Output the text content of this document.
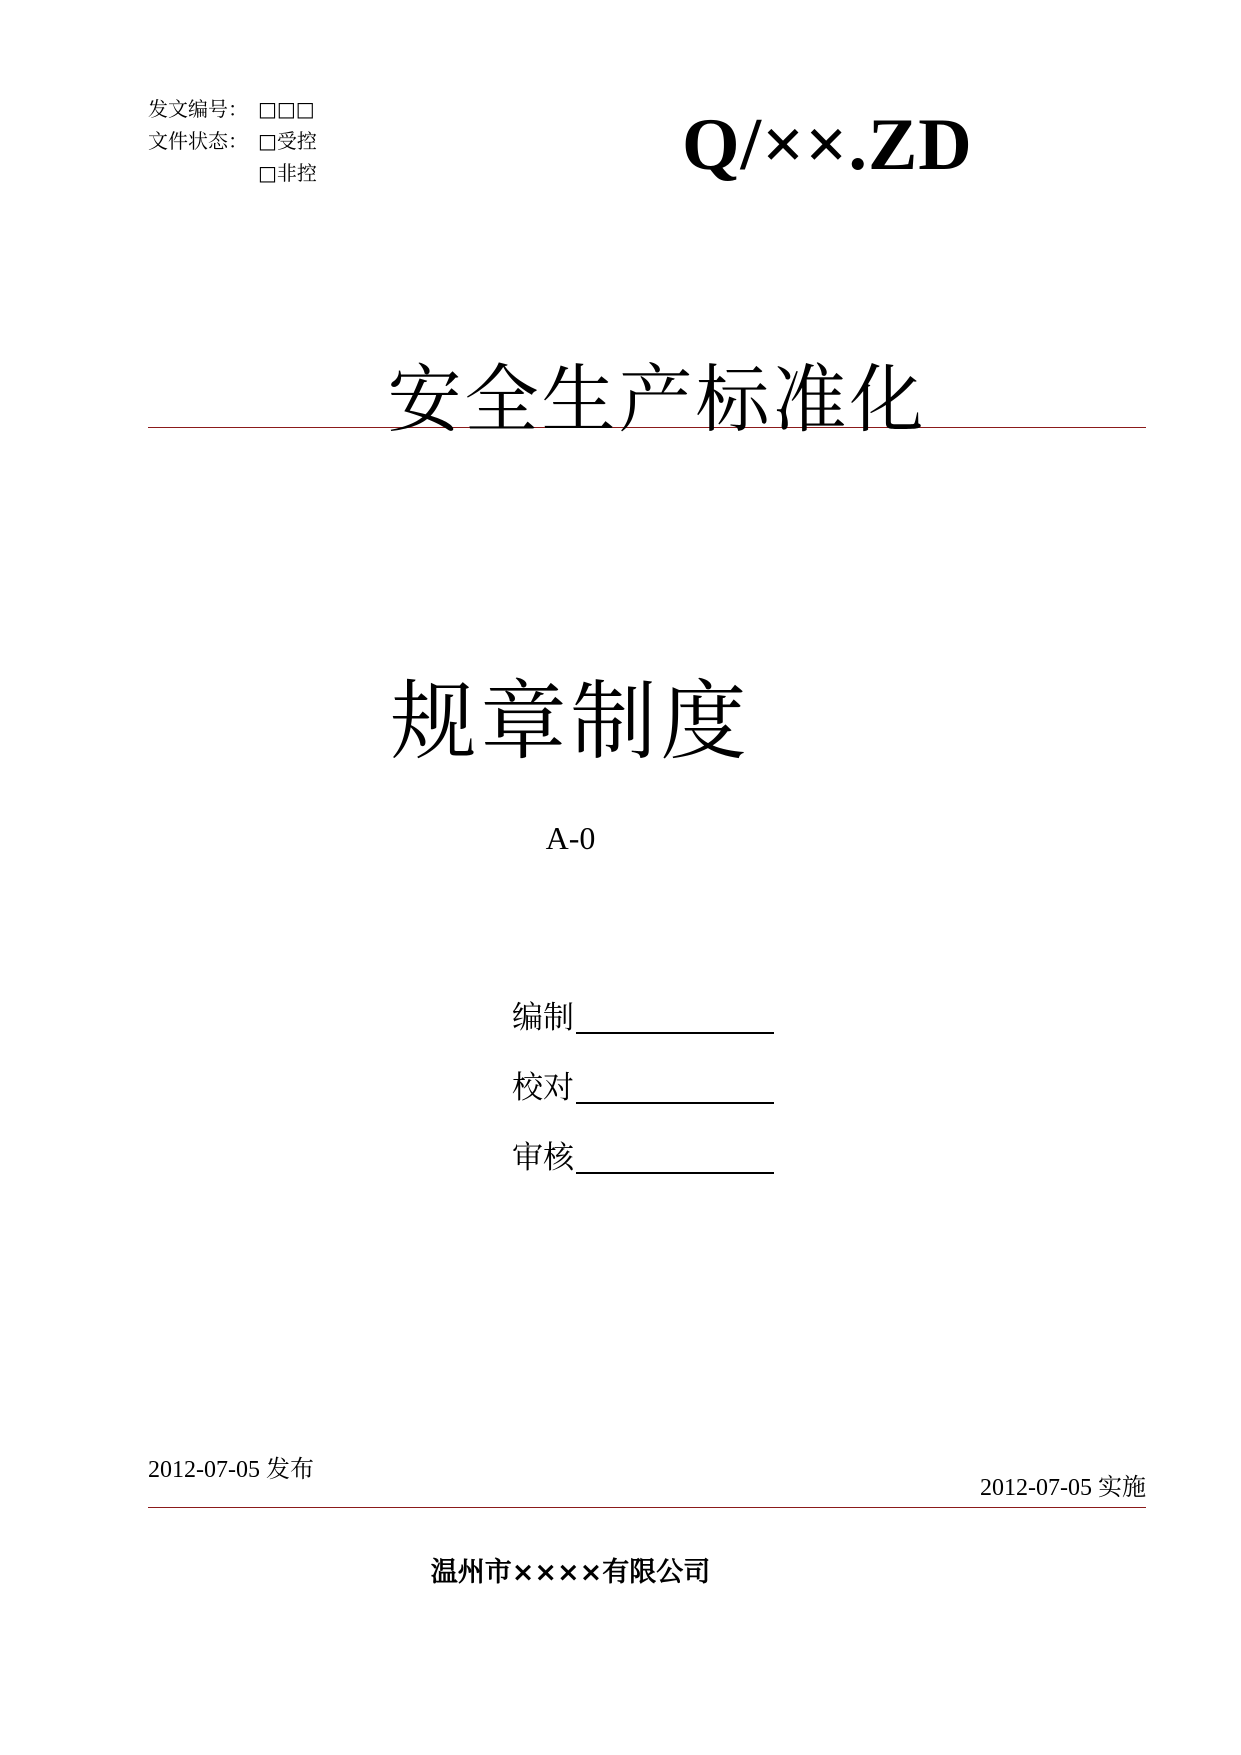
发文编号： □□□
文件状态： □受控
□非控	Q/××.ZD
安全生产标准化
规章制度
A-0
编制
校对
审核
2012-07-05 发布
2012-07-05 实施
温州市××××有限公司
